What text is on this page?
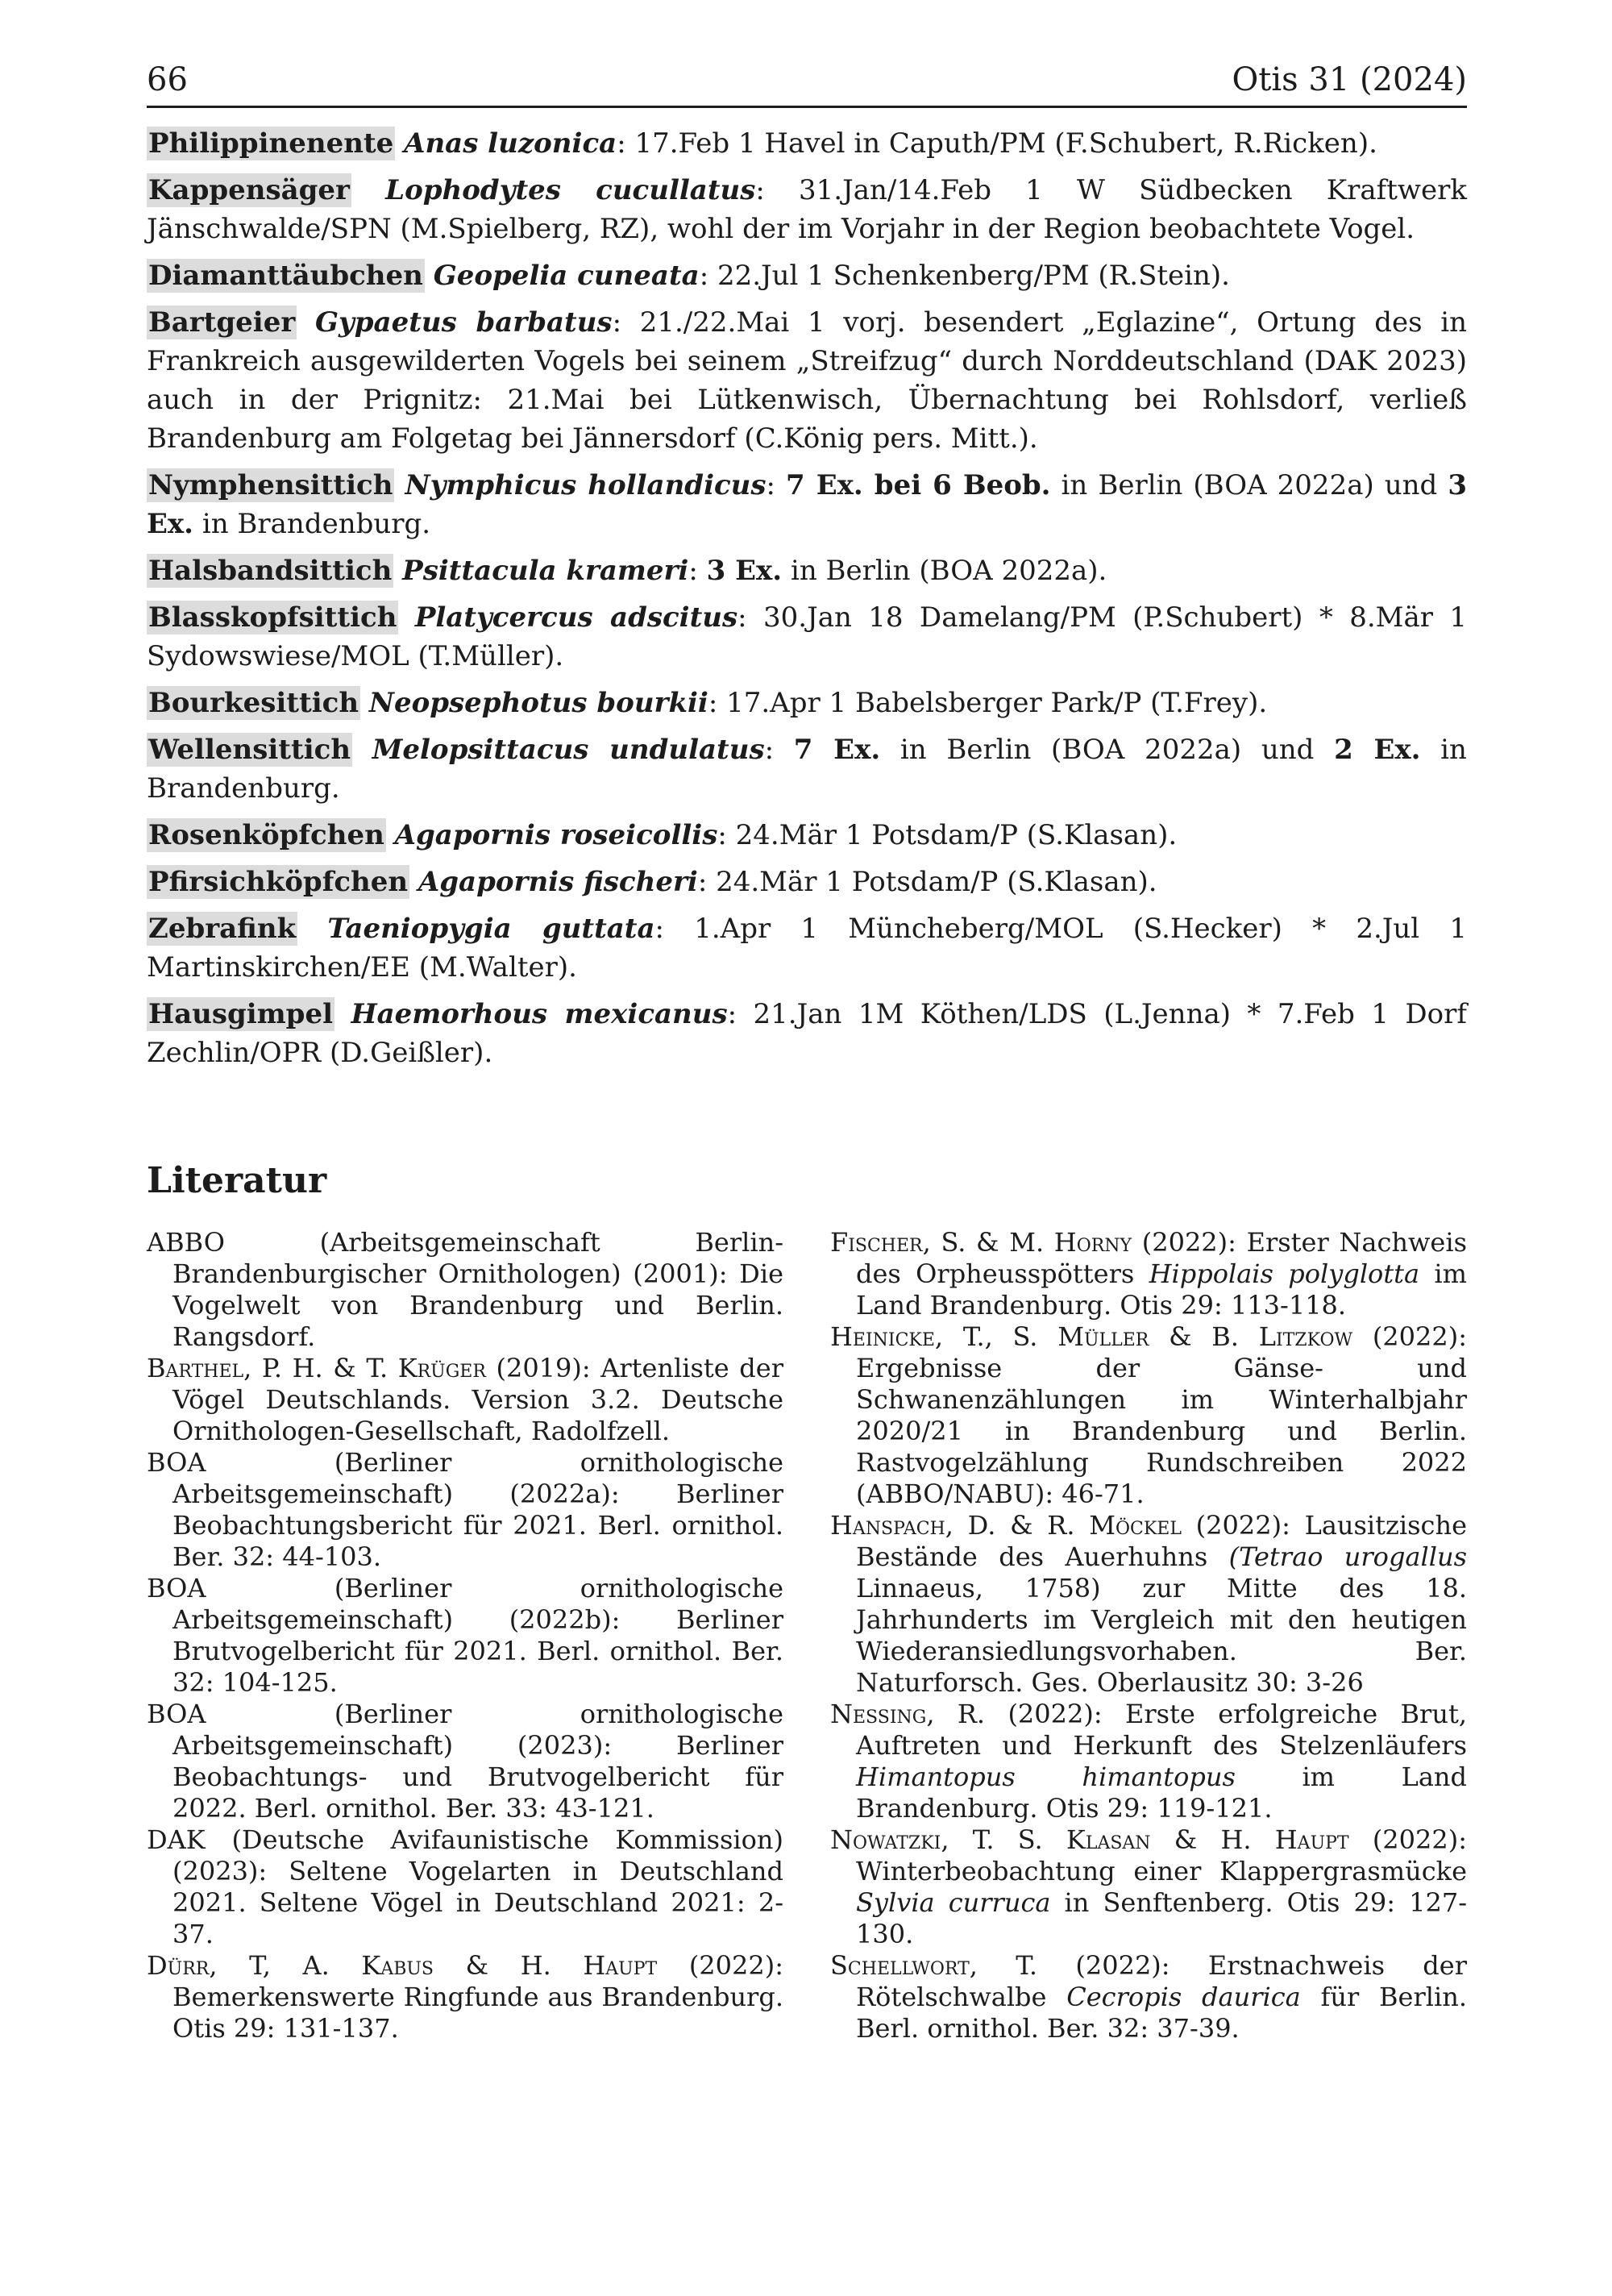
66	Otis 31 (2024)

Philippinenente Anas luzonica: 17.Feb 1 Havel in Caputh/PM (F.Schubert, R.Ricken).

Kappensäger Lophodytes cucullatus: 31.Jan/14.Feb 1 W Südbecken Kraftwerk Jänschwalde/SPN (M.Spielberg, RZ), wohl der im Vorjahr in der Region beobachtete Vogel.

Diamanttäubchen Geopelia cuneata: 22.Jul 1 Schenkenberg/PM (R.Stein).

Bartgeier Gypaetus barbatus: 21./22.Mai 1 vorj. besendert „Eglazine“, Ortung des in Frankreich ausgewilderten Vogels bei seinem „Streifzug“ durch Norddeutschland (DAK 2023) auch in der Prignitz: 21.Mai bei Lütkenwisch, Übernachtung bei Rohlsdorf, verließ Brandenburg am Folgetag bei Jännersdorf (C.König pers. Mitt.).

Nymphensittich Nymphicus hollandicus: 7 Ex. bei 6 Beob. in Berlin (BOA 2022a) und 3 Ex. in Brandenburg.

Halsbandsittich Psittacula krameri: 3 Ex. in Berlin (BOA 2022a).

Blasskopfsittich Platycercus adscitus: 30.Jan 18 Damelang/PM (P.Schubert) * 8.Mär 1 Sydowswiese/MOL (T.Müller).

Bourkesittich Neopsephotus bourkii: 17.Apr 1 Babelsberger Park/P (T.Frey).

Wellensittich Melopsittacus undulatus: 7 Ex. in Berlin (BOA 2022a) und 2 Ex. in Brandenburg.

Rosenköpfchen Agapornis roseicollis: 24.Mär 1 Potsdam/P (S.Klasan).

Pfirsichköpfchen Agapornis fischeri: 24.Mär 1 Potsdam/P (S.Klasan).

Zebrafink Taeniopygia guttata: 1.Apr 1 Müncheberg/MOL (S.Hecker) * 2.Jul 1 Martinskirchen/EE (M.Walter).

Hausgimpel Haemorhous mexicanus: 21.Jan 1M Köthen/LDS (L.Jenna) * 7.Feb 1 Dorf Zechlin/OPR (D.Geißler).

Literatur

ABBO (Arbeitsgemeinschaft Berlin-Brandenburgischer Ornithologen) (2001): Die Vogelwelt von Brandenburg und Berlin. Rangsdorf.

Barthel, P. H. & T. Krüger (2019): Artenliste der Vögel Deutschlands. Version 3.2. Deutsche Ornithologen-Gesellschaft, Radolfzell.

BOA (Berliner ornithologische Arbeitsgemeinschaft) (2022a): Berliner Beobachtungsbericht für 2021. Berl. ornithol. Ber. 32: 44-103.

BOA (Berliner ornithologische Arbeitsgemeinschaft) (2022b): Berliner Brutvogelbericht für 2021. Berl. ornithol. Ber. 32: 104-125.

BOA (Berliner ornithologische Arbeitsgemeinschaft) (2023): Berliner Beobachtungs- und Brutvogelbericht für 2022. Berl. ornithol. Ber. 33: 43-121.

DAK (Deutsche Avifaunistische Kommission) (2023): Seltene Vogelarten in Deutschland 2021. Seltene Vögel in Deutschland 2021: 2-37.

Dürr, T, A. Kabus & H. Haupt (2022): Bemerkenswerte Ringfunde aus Brandenburg. Otis 29: 131-137.

Fischer, S. & M. Horny (2022): Erster Nachweis des Orpheusspötters Hippolais polyglotta im Land Brandenburg. Otis 29: 113-118.

Heinicke, T., S. Müller & B. Litzkow (2022): Ergebnisse der Gänse- und Schwanenzählungen im Winterhalbjahr 2020/21 in Brandenburg und Berlin. Rastvogelzählung Rundschreiben 2022 (ABBO/NABU): 46-71.

Hanspach, D. & R. Möckel (2022): Lausitzische Bestände des Auerhuhns (Tetrao urogallus Linnaeus, 1758) zur Mitte des 18. Jahrhunderts im Vergleich mit den heutigen Wiederansiedlungsvorhaben. Ber. Naturforsch. Ges. Oberlausitz 30: 3-26

Nessing, R. (2022): Erste erfolgreiche Brut, Auftreten und Herkunft des Stelzenläufers Himantopus himantopus im Land Brandenburg. Otis 29: 119-121.

Nowatzki, T. S. Klasan & H. Haupt (2022): Winterbeobachtung einer Klappergrasmücke Sylvia curruca in Senftenberg. Otis 29: 127-130.

Schellwort, T. (2022): Erstnachweis der Rötelschwalbe Cecropis daurica für Berlin. Berl. ornithol. Ber. 32: 37-39.
